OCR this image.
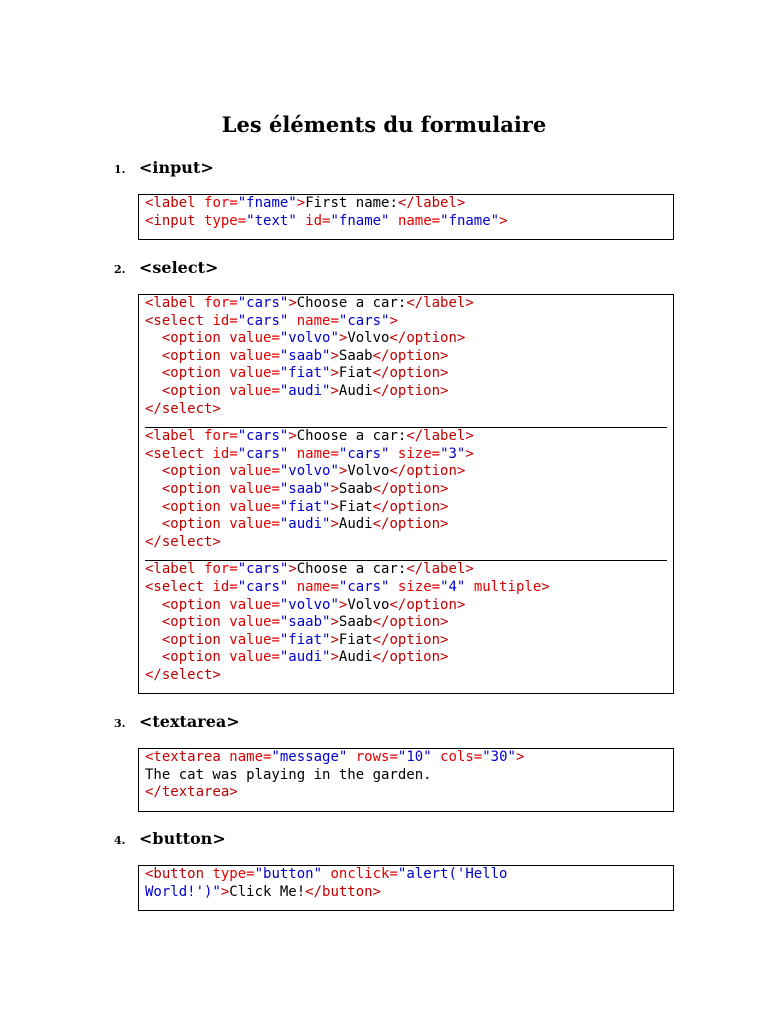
Les éléments du formulaire
1. <input>
<label for="fname">First name:</label>
<input type="text" id="fname" name="fname">
2. <select>
<label for="cars">Choose a car:</label>
<select id="cars" name="cars">
<option value="volvo">Volvo</option>
<option value="saab">Saab</option>
<option value="fiat">Fiat</option>
<option value="audi">Audi</option>
</select>
<label for="cars">Choose a car:</label>
<select id="cars" name="cars" size="3">
<option value="volvo">Volvo</option>
<option value="saab">Saab</option>
<option value="fiat">Fiat</option>
<option value="audi">Audi</option>
</select>
<label for="cars">Choose a car:</label>
<select id="cars" name="cars" size="4" multiple>
<option value="volvo">Volvo</option>
<option value="saab">Saab</option>
<option value="fiat">Fiat</option>
<option value="audi">Audi</option>
</select>
3. <textarea>
<textarea name="message" rows="10" cols="30">
The cat was playing in the garden.
</textarea>
4. <button>
<button type="button" onclick="alert('Hello
World!')">Click Me!</button>
